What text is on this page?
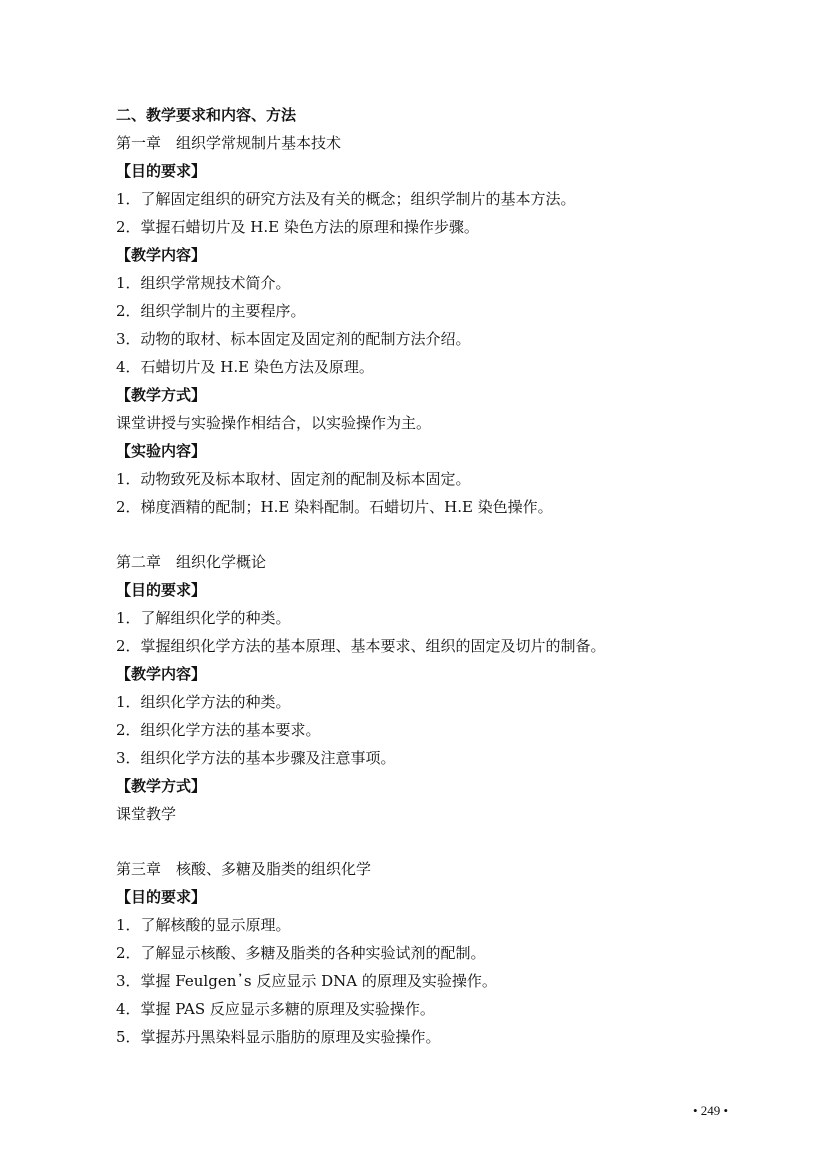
二、教学要求和内容、方法
第一章　组织学常规制片基本技术
【目的要求】
1．了解固定组织的研究方法及有关的概念；组织学制片的基本方法。
2．掌握石蜡切片及 H.E 染色方法的原理和操作步骤。
【教学内容】
1．组织学常规技术简介。
2．组织学制片的主要程序。
3．动物的取材、标本固定及固定剂的配制方法介绍。
4．石蜡切片及 H.E 染色方法及原理。
【教学方式】
课堂讲授与实验操作相结合，以实验操作为主。
【实验内容】
1．动物致死及标本取材、固定剂的配制及标本固定。
2．梯度酒精的配制；H.E 染料配制。石蜡切片、H.E 染色操作。
第二章　组织化学概论
【目的要求】
1．了解组织化学的种类。
2．掌握组织化学方法的基本原理、基本要求、组织的固定及切片的制备。
【教学内容】
1．组织化学方法的种类。
2．组织化学方法的基本要求。
3．组织化学方法的基本步骤及注意事项。
【教学方式】
课堂教学
第三章　核酸、多糖及脂类的组织化学
【目的要求】
1．了解核酸的显示原理。
2．了解显示核酸、多糖及脂类的各种实验试剂的配制。
3．掌握 Feulgen᾽s 反应显示 DNA 的原理及实验操作。
4．掌握 PAS 反应显示多糖的原理及实验操作。
5．掌握苏丹黑染料显示脂肪的原理及实验操作。
• 249 •
